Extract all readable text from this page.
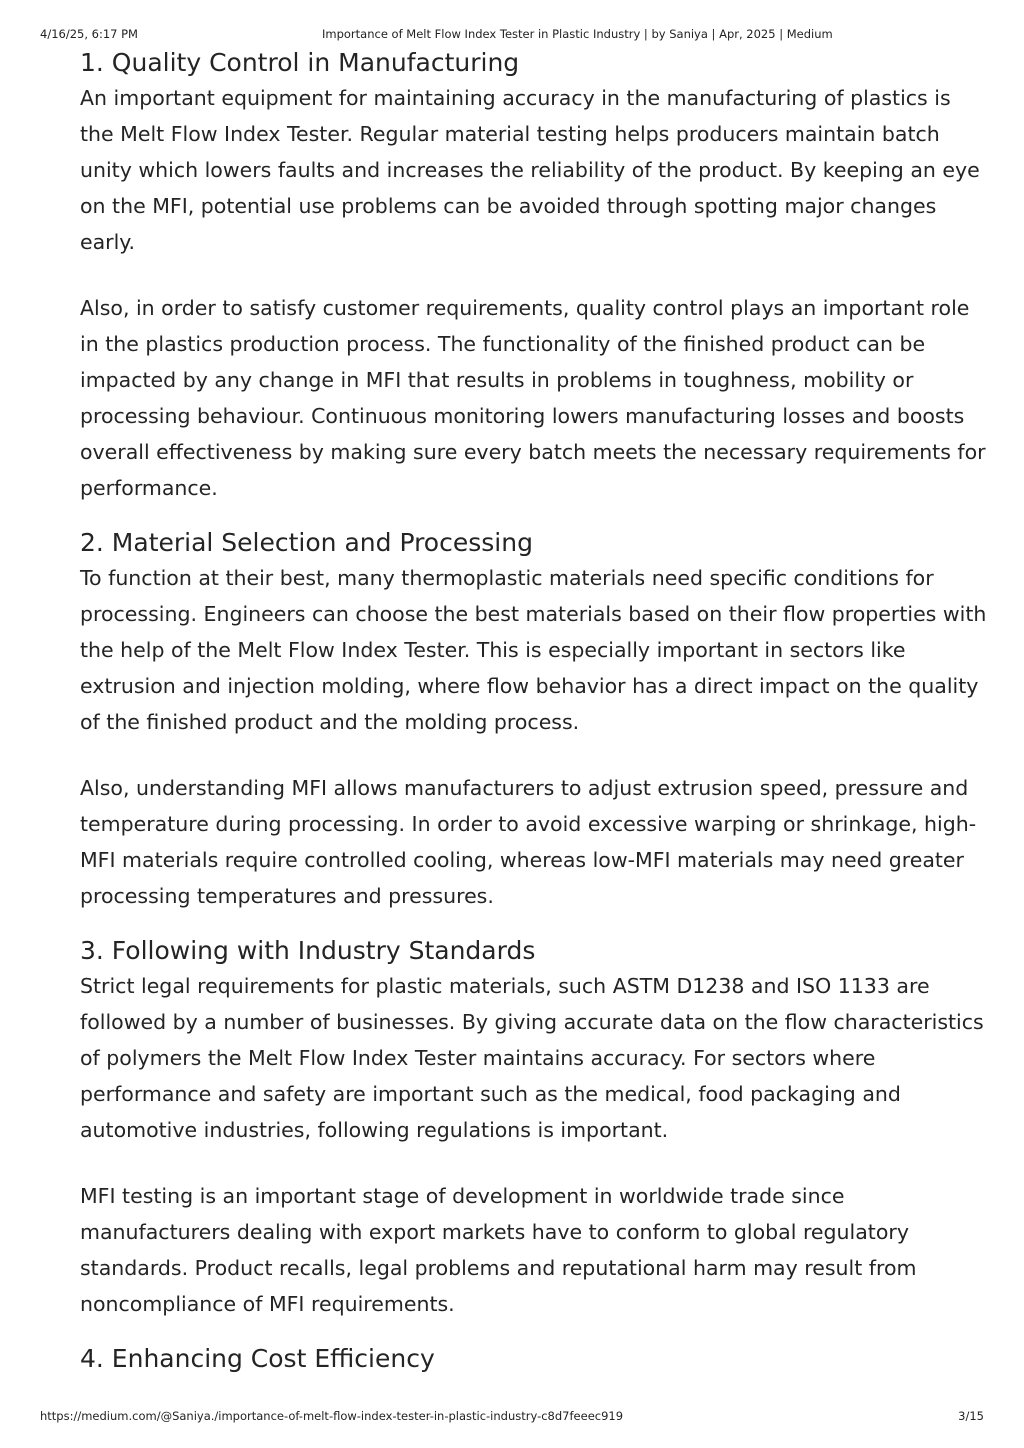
4/16/25, 6:17 PM	Importance of Melt Flow Index Tester in Plastic Industry | by Saniya | Apr, 2025 | Medium
1. Quality Control in Manufacturing

An important equipment for maintaining accuracy in the manufacturing of plastics is the Melt Flow Index Tester. Regular material testing helps producers maintain batch unity which lowers faults and increases the reliability of the product. By keeping an eye on the MFI, potential use problems can be avoided through spotting major changes early.

Also, in order to satisfy customer requirements, quality control plays an important role in the plastics production process. The functionality of the finished product can be impacted by any change in MFI that results in problems in toughness, mobility or processing behaviour. Continuous monitoring lowers manufacturing losses and boosts overall effectiveness by making sure every batch meets the necessary requirements for performance.

2. Material Selection and Processing

To function at their best, many thermoplastic materials need specific conditions for processing. Engineers can choose the best materials based on their flow properties with the help of the Melt Flow Index Tester. This is especially important in sectors like extrusion and injection molding, where flow behavior has a direct impact on the quality of the finished product and the molding process.

Also, understanding MFI allows manufacturers to adjust extrusion speed, pressure and temperature during processing. In order to avoid excessive warping or shrinkage, high-MFI materials require controlled cooling, whereas low-MFI materials may need greater processing temperatures and pressures.

3. Following with Industry Standards

Strict legal requirements for plastic materials, such ASTM D1238 and ISO 1133 are followed by a number of businesses. By giving accurate data on the flow characteristics of polymers the Melt Flow Index Tester maintains accuracy. For sectors where performance and safety are important such as the medical, food packaging and automotive industries, following regulations is important.

MFI testing is an important stage of development in worldwide trade since manufacturers dealing with export markets have to conform to global regulatory standards. Product recalls, legal problems and reputational harm may result from noncompliance of MFI requirements.

4. Enhancing Cost Efficiency
https://medium.com/@Saniya./importance-of-melt-flow-index-tester-in-plastic-industry-c8d7feeec919	3/15
